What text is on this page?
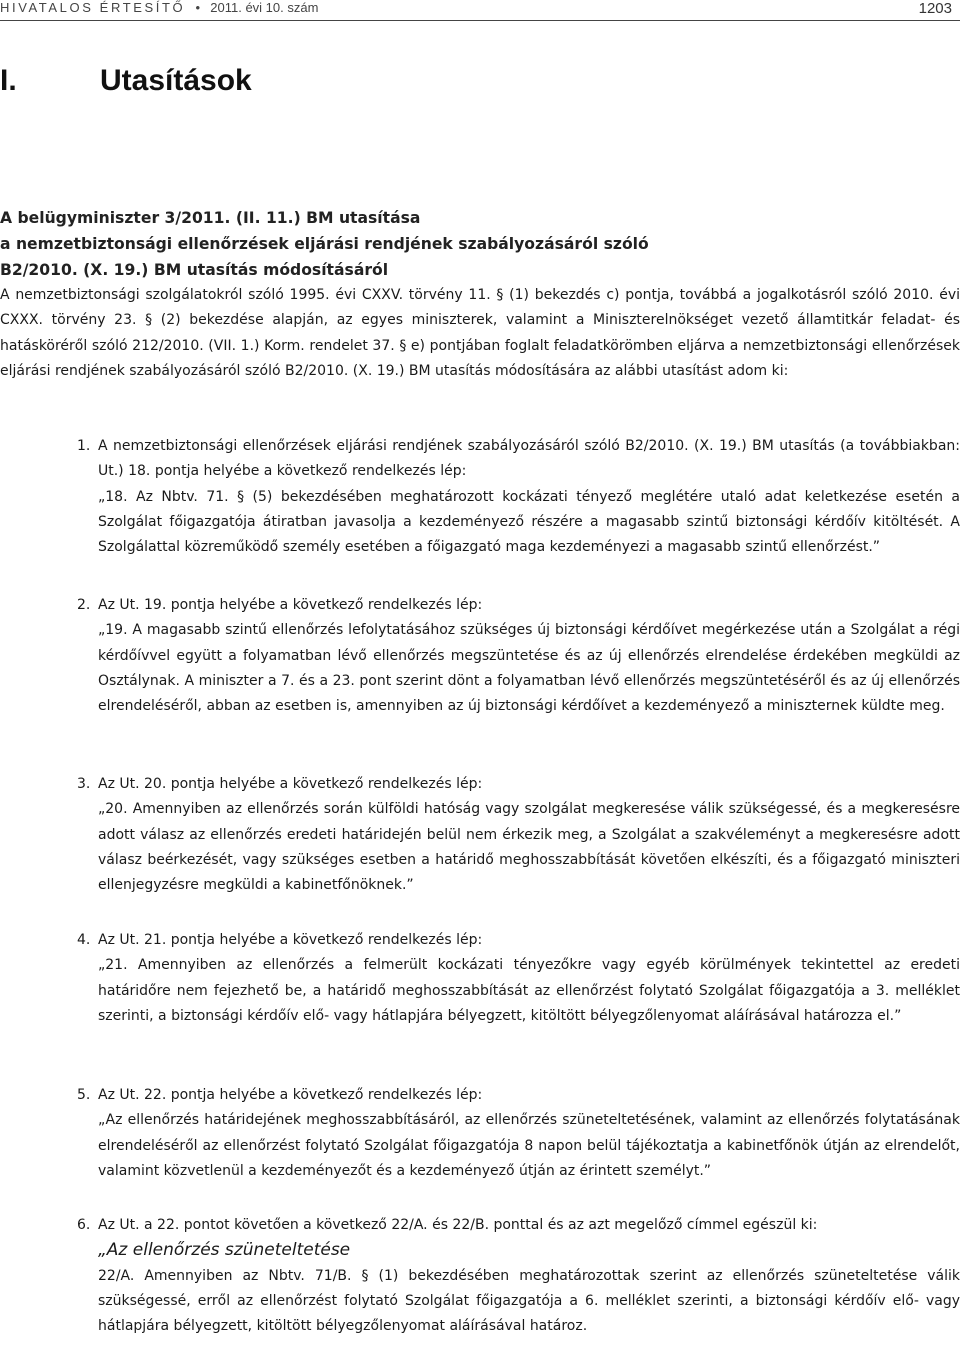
HIVATALOS ÉRTESÍTŐ • 2011. évi 10. szám	1203
I.	Utasítások
A belügyminiszter 3/2011. (II. 11.) BM utasítása
a nemzetbiztonsági ellenőrzések eljárási rendjének szabályozásáról szóló
B2/2010. (X. 19.) BM utasítás módosításáról

A nemzetbiztonsági szolgálatokról szóló 1995. évi CXXV. törvény 11. § (1) bekezdés c) pontja, továbbá a jogalkotásról szóló 2010. évi CXXX. törvény 23. § (2) bekezdése alapján, az egyes miniszterek, valamint a Miniszterelnökséget vezető államtitkár feladat- és hatásköréről szóló 212/2010. (VII. 1.) Korm. rendelet 37. § e) pontjában foglalt feladatkörömben eljárva a nemzetbiztonsági ellenőrzések eljárási rendjének szabályozásáról szóló B2/2010. (X. 19.) BM utasítás módosítására az alábbi utasítást adom ki:

1. A nemzetbiztonsági ellenőrzések eljárási rendjének szabályozásáról szóló B2/2010. (X. 19.) BM utasítás (a továbbiakban: Ut.) 18. pontja helyébe a következő rendelkezés lép:

„18. Az Nbtv. 71. § (5) bekezdésében meghatározott kockázati tényező meglétére utaló adat keletkezése esetén a Szolgálat főigazgatója átiratban javasolja a kezdeményező részére a magasabb szintű biztonsági kérdőív kitöltését. A Szolgálattal közreműködő személy esetében a főigazgató maga kezdeményezi a magasabb szintű ellenőrzést.”

2. Az Ut. 19. pontja helyébe a következő rendelkezés lép:

„19. A magasabb szintű ellenőrzés lefolytatásához szükséges új biztonsági kérdőívet megérkezése után a Szolgálat a régi kérdőívvel együtt a folyamatban lévő ellenőrzés megszüntetése és az új ellenőrzés elrendelése érdekében megküldi az Osztálynak. A miniszter a 7. és a 23. pont szerint dönt a folyamatban lévő ellenőrzés megszüntetéséről és az új ellenőrzés elrendeléséről, abban az esetben is, amennyiben az új biztonsági kérdőívet a kezdeményező a miniszternek küldte meg.

3. Az Ut. 20. pontja helyébe a következő rendelkezés lép:

„20. Amennyiben az ellenőrzés során külföldi hatóság vagy szolgálat megkeresése válik szükségessé, és a megkeresésre adott válasz az ellenőrzés eredeti határidején belül nem érkezik meg, a Szolgálat a szakvéleményt a megkeresésre adott válasz beérkezését, vagy szükséges esetben a határidő meghosszabbítását követően elkészíti, és a főigazgató miniszteri ellenjegyzésre megküldi a kabinetfőnöknek.”

4. Az Ut. 21. pontja helyébe a következő rendelkezés lép:

„21. Amennyiben az ellenőrzés a felmerült kockázati tényezőkre vagy egyéb körülmények tekintettel az eredeti határidőre nem fejezhető be, a határidő meghosszabbítását az ellenőrzést folytató Szolgálat főigazgatója a 3. melléklet szerinti, a biztonsági kérdőív elő- vagy hátlapjára bélyegzett, kitöltött bélyegzőlenyomat aláírásával határozza el.”

5. Az Ut. 22. pontja helyébe a következő rendelkezés lép:

„Az ellenőrzés határidejének meghosszabbításáról, az ellenőrzés szüneteltetésének, valamint az ellenőrzés folytatásának elrendeléséről az ellenőrzést folytató Szolgálat főigazgatója 8 napon belül tájékoztatja a kabinetfőnök útján az elrendelőt, valamint közvetlenül a kezdeményezőt és a kezdeményező útján az érintett személyt.”

6. Az Ut. a 22. pontot követően a következő 22/A. és 22/B. ponttal és az azt megelőző címmel egészül ki:

„Az ellenőrzés szüneteltetése

22/A. Amennyiben az Nbtv. 71/B. § (1) bekezdésében meghatározottak szerint az ellenőrzés szüneteltetése válik szükségessé, erről az ellenőrzést folytató Szolgálat főigazgatója a 6. melléklet szerinti, a biztonsági kérdőív elő- vagy hátlapjára bélyegzett, kitöltött bélyegzőlenyomat aláírásával határoz.
